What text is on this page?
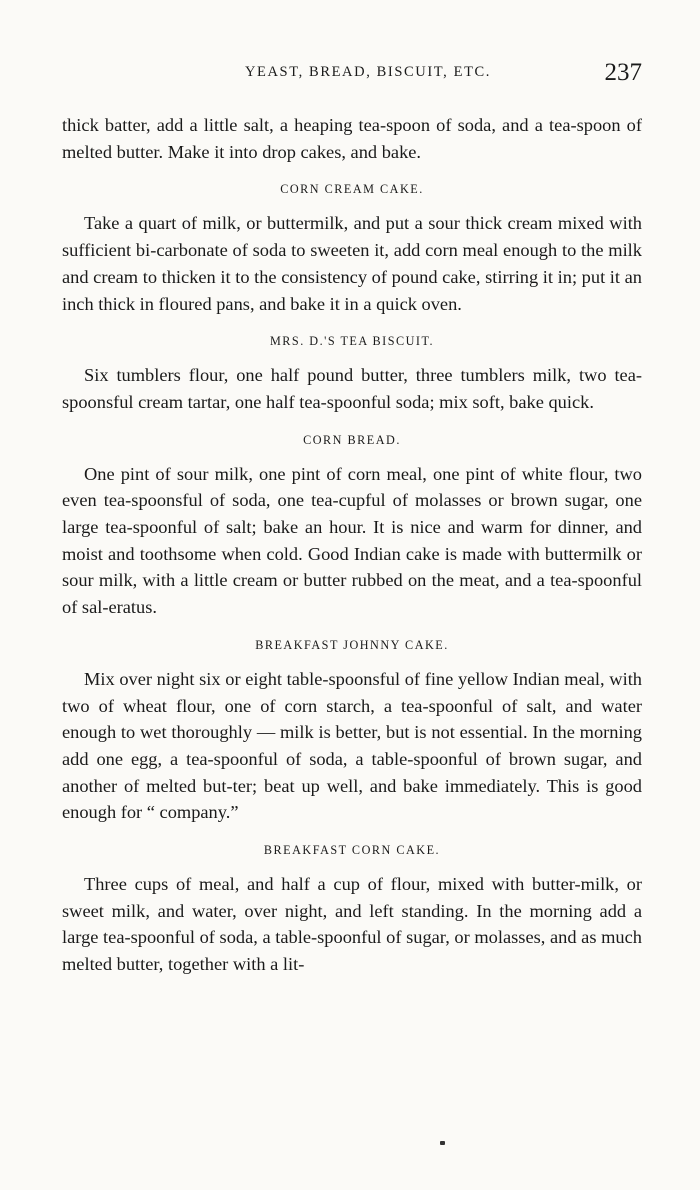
YEAST, BREAD, BISCUIT, ETC.	237

thick batter, add a little salt, a heaping tea-spoon of soda, and a tea-spoon of melted butter. Make it into drop cakes, and bake.

CORN CREAM CAKE.

Take a quart of milk, or buttermilk, and put a sour thick cream mixed with sufficient bi-carbonate of soda to sweeten it, add corn meal enough to the milk and cream to thicken it to the consistency of pound cake, stirring it in; put it an inch thick in floured pans, and bake it in a quick oven.

MRS. D.'S TEA BISCUIT.

Six tumblers flour, one half pound butter, three tumblers milk, two tea-spoonsful cream tartar, one half tea-spoonful soda; mix soft, bake quick.

CORN BREAD.

One pint of sour milk, one pint of corn meal, one pint of white flour, two even tea-spoonsful of soda, one tea-cupful of molasses or brown sugar, one large tea-spoonful of salt; bake an hour. It is nice and warm for dinner, and moist and toothsome when cold. Good Indian cake is made with buttermilk or sour milk, with a little cream or butter rubbed on the meat, and a tea-spoonful of sal-eratus.

BREAKFAST JOHNNY CAKE.

Mix over night six or eight table-spoonsful of fine yellow Indian meal, with two of wheat flour, one of corn starch, a tea-spoonful of salt, and water enough to wet thoroughly — milk is better, but is not essential. In the morning add one egg, a tea-spoonful of soda, a table-spoonful of brown sugar, and another of melted but-ter; beat up well, and bake immediately. This is good enough for “ company.”

BREAKFAST CORN CAKE.

Three cups of meal, and half a cup of flour, mixed with butter-milk, or sweet milk, and water, over night, and left standing. In the morning add a large tea-spoonful of soda, a table-spoonful of sugar, or molasses, and as much melted butter, together with a lit-
